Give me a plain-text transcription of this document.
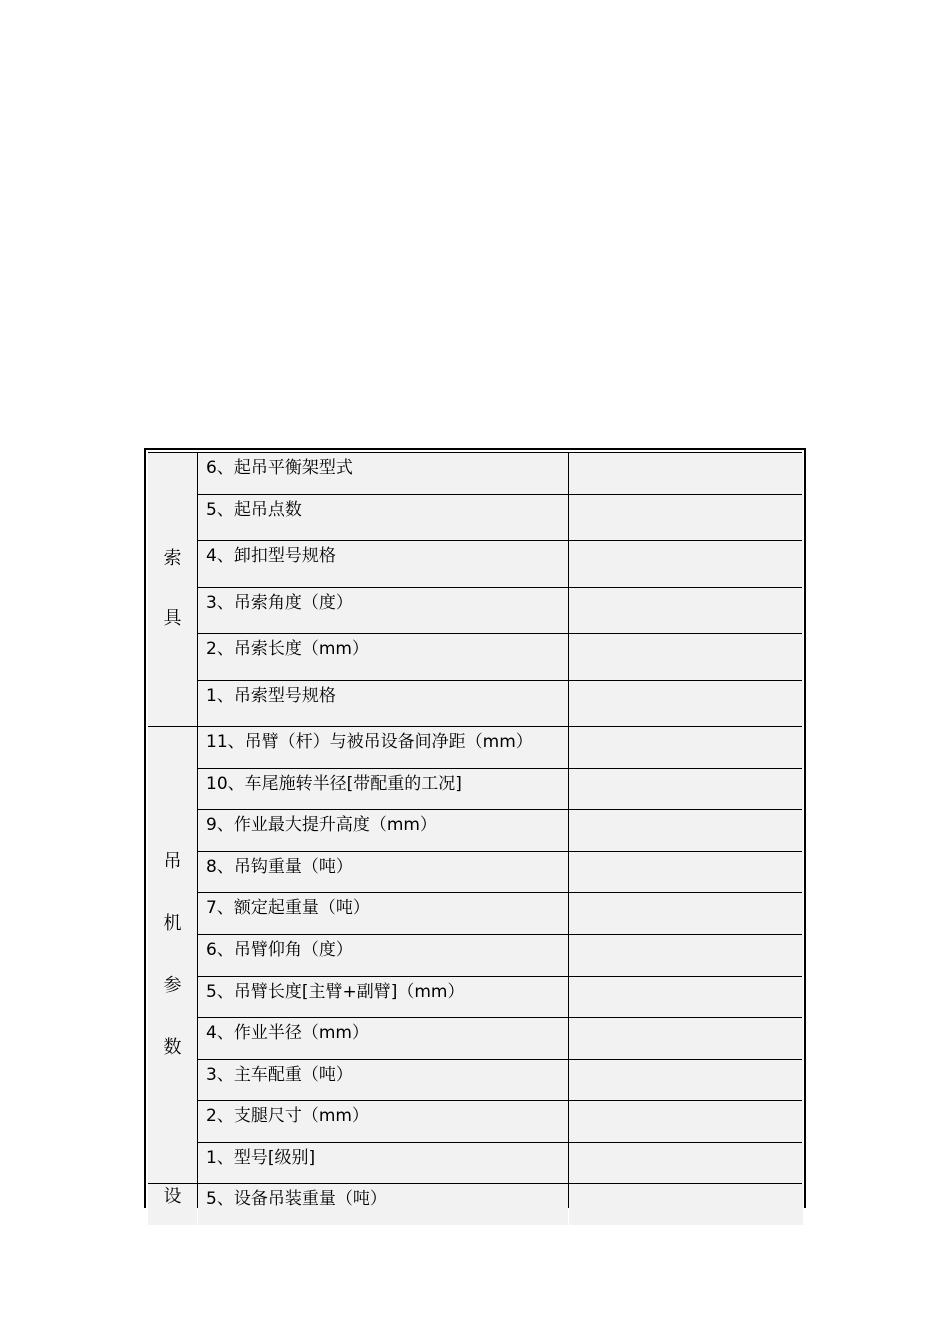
索
具
6、起吊平衡架型式
5、起吊点数
4、卸扣型号规格
3、吊索角度（度）
2、吊索长度（mm）
1、吊索型号规格
吊
机
参
数
11、吊臂（杆）与被吊设备间净距（mm）
10、车尾施转半径[带配重的工况]
9、作业最大提升高度（mm）
8、吊钩重量（吨）
7、额定起重量（吨）
6、吊臂仰角（度）
5、吊臂长度[主臂+副臂]（mm）
4、作业半径（mm）
3、主车配重（吨）
2、支腿尺寸（mm）
1、型号[级别]
设	5、设备吊装重量（吨）
